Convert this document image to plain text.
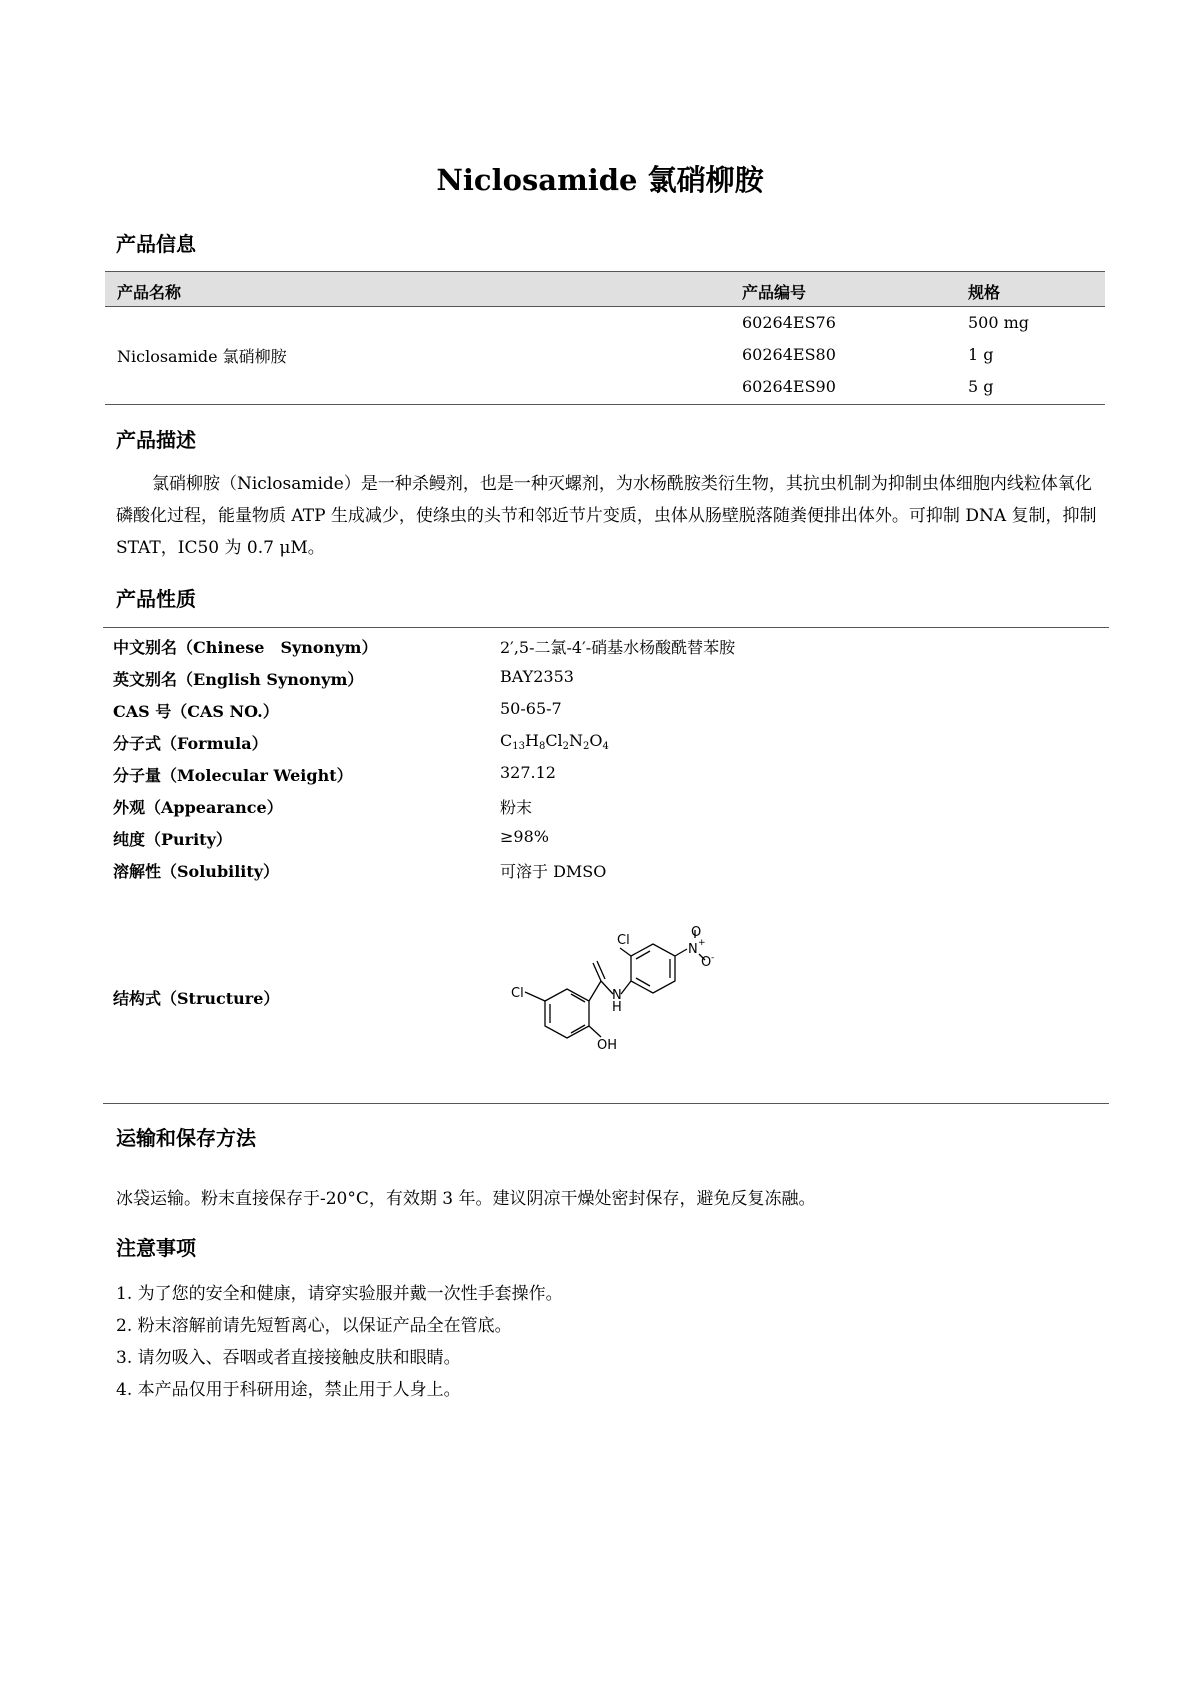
Niclosamide 氯硝柳胺
产品信息
产品名称	产品编号	规格
Niclosamide 氯硝柳胺
60264ES76	500 mg
60264ES80	1 g
60264ES90	5 g
产品描述
氯硝柳胺（Niclosamide）是一种杀鳗剂，也是一种灭螺剂，为水杨酰胺类衍生物，其抗虫机制为抑制虫体细胞内线粒体氧化磷酸化过程，能量物质 ATP 生成减少，使绦虫的头节和邻近节片变质，虫体从肠壁脱落随粪便排出体外。可抑制 DNA 复制，抑制 STAT，IC50 为 0.7 μM。
产品性质
中文别名（Chinese　Synonym）	2′,5-二氯-4′-硝基水杨酸酰替苯胺
英文别名（English Synonym）	BAY2353
CAS 号（CAS NO.）	50-65-7
分子式（Formula）	$C_{13}H_8Cl_2N_2O_4$
分子量（Molecular Weight）	327.12
外观（Appearance）	粉末
纯度（Purity）	≥98%
溶解性（Solubility）	可溶于 DMSO
结构式（Structure）	Cl
Cl
N +
O
O -
N
H
OH
运输和保存方法
冰袋运输。粉末直接保存于-20°C，有效期 3 年。建议阴凉干燥处密封保存，避免反复冻融。
注意事项
1. 为了您的安全和健康，请穿实验服并戴一次性手套操作。
2. 粉末溶解前请先短暂离心，以保证产品全在管底。
3. 请勿吸入、吞咽或者直接接触皮肤和眼睛。
4. 本产品仅用于科研用途，禁止用于人身上。
